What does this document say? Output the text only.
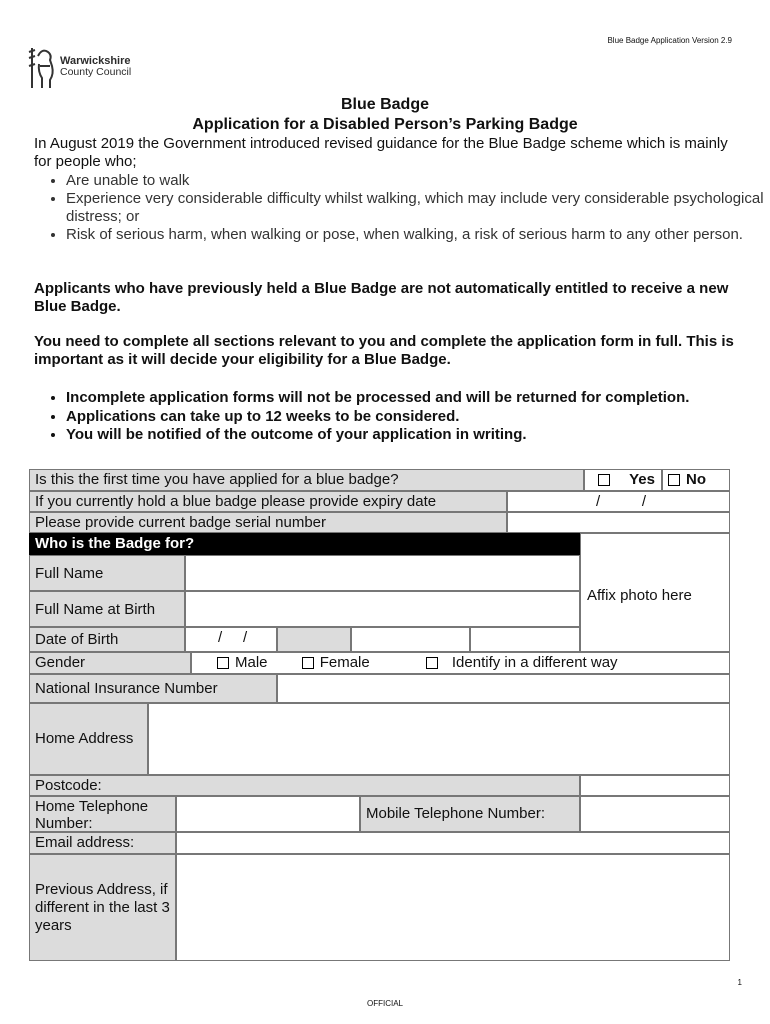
Blue Badge Application Version 2.9
Warwickshire
County Council
Blue Badge
Application for a Disabled Person’s Parking Badge
In August 2019 the Government introduced revised guidance for the Blue Badge scheme which is mainly for people who;
• Are unable to walk
• Experience very considerable difficulty whilst walking, which may include very considerable psychological distress; or
• Risk of serious harm, when walking or pose, when walking, a risk of serious harm to any other person.
Applicants who have previously held a Blue Badge are not automatically entitled to receive a new Blue Badge.
You need to complete all sections relevant to you and complete the application form in full. This is important as it will decide your eligibility for a Blue Badge.
• Incomplete application forms will not be processed and will be returned for completion.
• Applications can take up to 12 weeks to be considered.
• You will be notified of the outcome of your application in writing.
Is this the first time you have applied for a blue badge?	Yes	No
If you currently hold a blue badge please provide expiry date	/          /
Please provide current badge serial number
Who is the Badge for?
Affix photo here
Full Name
Full Name at Birth
Date of Birth	/     /
Gender	Male	Female	Identify in a different way
National Insurance Number
Home Address
Postcode:
Home Telephone Number:
Mobile Telephone Number:
Email address:
Previous Address, if different in the last 3 years
1
OFFICIAL
